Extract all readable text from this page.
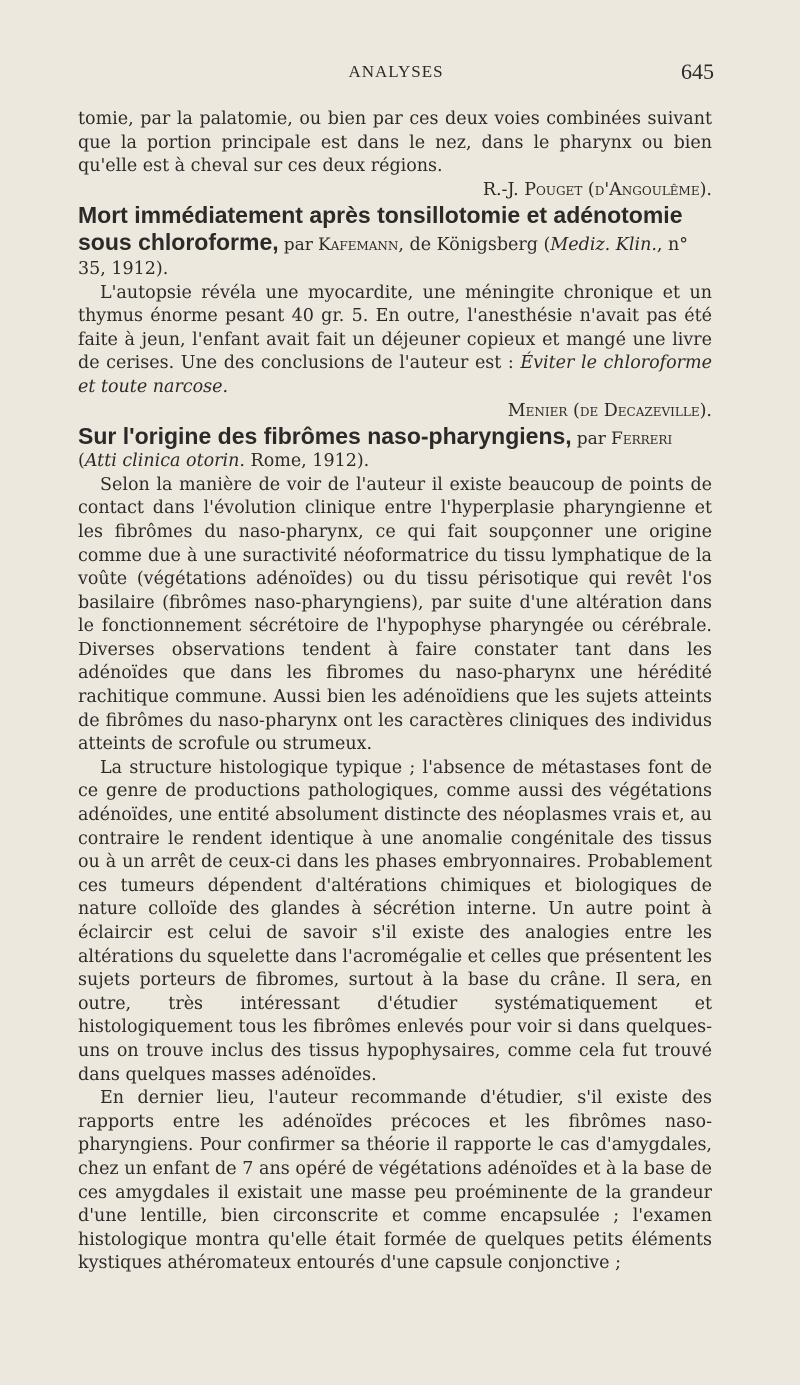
ANALYSES	645

tomie, par la palatomie, ou bien par ces deux voies combinées suivant que la portion principale est dans le nez, dans le pharynx ou bien qu'elle est à cheval sur ces deux régions.

R.-J. Pouget (d'Angoulême).

Mort immédiatement après tonsillotomie et adénotomie sous chloroforme, par Kafemann, de Königsberg (Mediz. Klin., n° 35, 1912).

L'autopsie révéla une myocardite, une méningite chronique et un thymus énorme pesant 40 gr. 5. En outre, l'anesthésie n'avait pas été faite à jeun, l'enfant avait fait un déjeuner copieux et mangé une livre de cerises. Une des conclusions de l'auteur est : Éviter le chloroforme et toute narcose.

Menier (de Decazeville).

Sur l'origine des fibrômes naso-pharyngiens, par Ferreri (Atti clinica otorin. Rome, 1912).

Selon la manière de voir de l'auteur il existe beaucoup de points de contact dans l'évolution clinique entre l'hyperplasie pharyngienne et les fibrômes du naso-pharynx, ce qui fait soupçonner une origine comme due à une suractivité néoformatrice du tissu lymphatique de la voûte (végétations adénoïdes) ou du tissu périsotique qui revêt l'os basilaire (fibrômes naso-pharyngiens), par suite d'une altération dans le fonctionnement sécrétoire de l'hypophyse pharyngée ou cérébrale. Diverses observations tendent à faire constater tant dans les adénoïdes que dans les fibromes du naso-pharynx une hérédité rachitique commune. Aussi bien les adénoïdiens que les sujets atteints de fibrômes du naso-pharynx ont les caractères cliniques des individus atteints de scrofule ou strumeux.

La structure histologique typique ; l'absence de métastases font de ce genre de productions pathologiques, comme aussi des végétations adénoïdes, une entité absolument distincte des néoplasmes vrais et, au contraire le rendent identique à une anomalie congénitale des tissus ou à un arrêt de ceux-ci dans les phases embryonnaires. Probablement ces tumeurs dépendent d'altérations chimiques et biologiques de nature colloïde des glandes à sécrétion interne. Un autre point à éclaircir est celui de savoir s'il existe des analogies entre les altérations du squelette dans l'acromégalie et celles que présentent les sujets porteurs de fibromes, surtout à la base du crâne. Il sera, en outre, très intéressant d'étudier systématiquement et histologiquement tous les fibrômes enlevés pour voir si dans quelques-uns on trouve inclus des tissus hypophysaires, comme cela fut trouvé dans quelques masses adénoïdes.

En dernier lieu, l'auteur recommande d'étudier, s'il existe des rapports entre les adénoïdes précoces et les fibrômes naso-pharyngiens. Pour confirmer sa théorie il rapporte le cas d'amygdales, chez un enfant de 7 ans opéré de végétations adénoïdes et à la base de ces amygdales il existait une masse peu proéminente de la grandeur d'une lentille, bien circonscrite et comme encapsulée ; l'examen histologique montra qu'elle était formée de quelques petits éléments kystiques athéromateux entourés d'une capsule conjonctive ;
